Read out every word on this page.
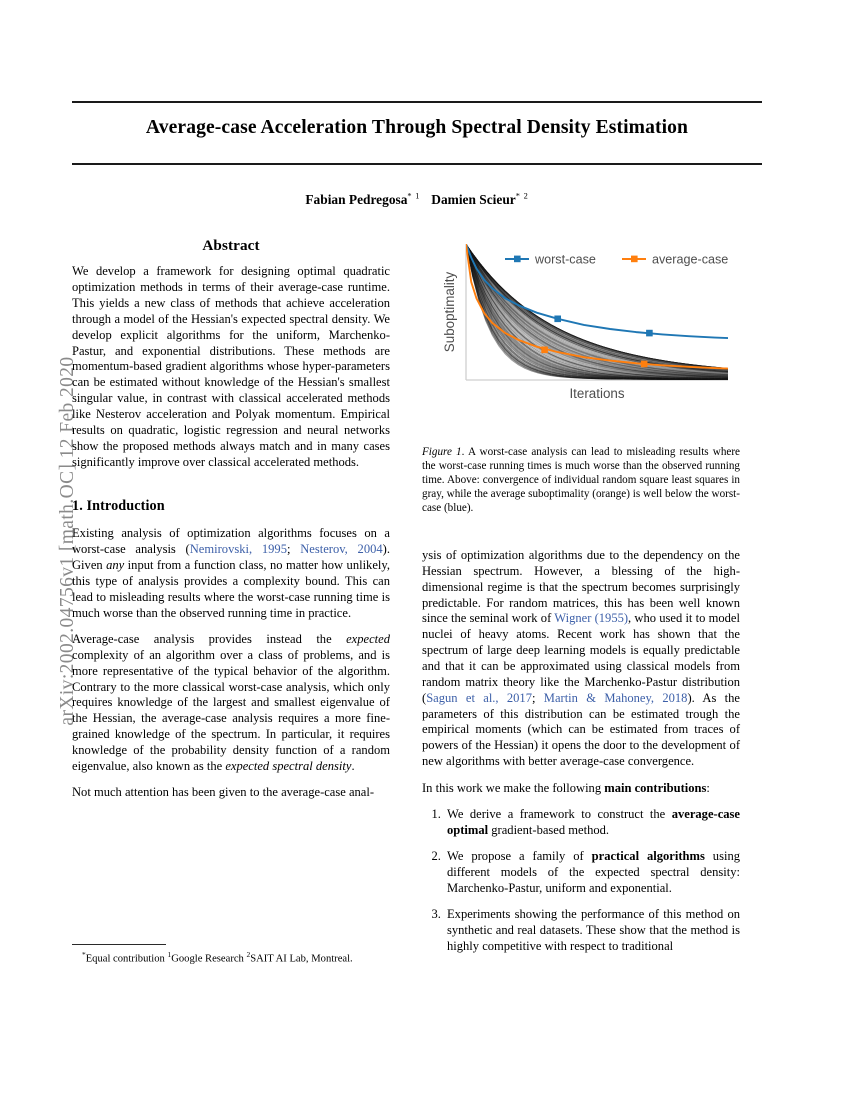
arXiv:2002.04756v1 [math.OC] 12 Feb 2020
Average-case Acceleration Through Spectral Density Estimation
Fabian Pedregosa$^{* 1}$ Damien Scieur$^{* 2}$
Abstract

We develop a framework for designing optimal quadratic optimization methods in terms of their average-case runtime. This yields a new class of methods that achieve acceleration through a model of the Hessian's expected spectral density. We develop explicit algorithms for the uniform, Marchenko-Pastur, and exponential distributions. These methods are momentum-based gradient algorithms whose hyper-parameters can be estimated without knowledge of the Hessian's smallest singular value, in contrast with classical accelerated methods like Nesterov acceleration and Polyak momentum. Empirical results on quadratic, logistic regression and neural networks show the proposed methods always match and in many cases significantly improve over classical accelerated methods.

1. Introduction

Existing analysis of optimization algorithms focuses on a worst-case analysis (Nemirovski, 1995; Nesterov, 2004). Given any input from a function class, no matter how unlikely, this type of analysis provides a complexity bound. This can lead to misleading results where the worst-case running time is much worse than the observed running time in practice.

Average-case analysis provides instead the expected complexity of an algorithm over a class of problems, and is more representative of the typical behavior of the algorithm. Contrary to the more classical worst-case analysis, which only requires knowledge of the largest and smallest eigenvalue of the Hessian, the average-case analysis requires a more fine-grained knowledge of the spectrum. In particular, it requires knowledge of the probability density function of a random eigenvalue, also known as the expected spectral density.

Not much attention has been given to the average-case anal-

*Equal contribution $^1$Google Research $^2$SAIT AI Lab, Montreal.
worst-case	average-case
Suboptimality
Iterations
Figure 1. A worst-case analysis can lead to misleading results where the worst-case running times is much worse than the observed running time. Above: convergence of individual random square least squares in gray, while the average suboptimality (orange) is well below the worst-case (blue).

ysis of optimization algorithms due to the dependency on the Hessian spectrum. However, a blessing of the high-dimensional regime is that the spectrum becomes surprisingly predictable. For random matrices, this has been well known since the seminal work of Wigner (1955), who used it to model nuclei of heavy atoms. Recent work has shown that the spectrum of large deep learning models is equally predictable and that it can be approximated using classical models from random matrix theory like the Marchenko-Pastur distribution (Sagun et al., 2017; Martin & Mahoney, 2018). As the parameters of this distribution can be estimated trough the empirical moments (which can be estimated from traces of powers of the Hessian) it opens the door to the development of new algorithms with better average-case convergence.

In this work we make the following main contributions:

1. We derive a framework to construct the average-case optimal gradient-based method.
2. We propose a family of practical algorithms using different models of the expected spectral density: Marchenko-Pastur, uniform and exponential.
3. Experiments showing the performance of this method on synthetic and real datasets. These show that the method is highly competitive with respect to traditional
